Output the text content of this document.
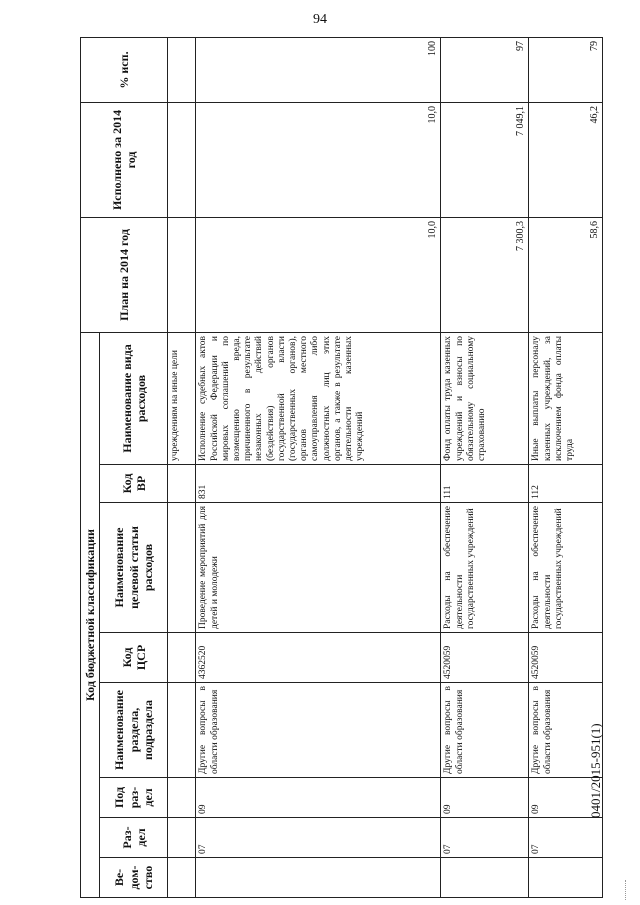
94
Код бюджетной классификации								План на 2014 год	Исполнено за 2014 год	% исп.
Ве-дом-ство	Раз-дел	Под раз-дел	Наименование раздела, подраздела	Код ЦСР	Наименование целевой статьи расходов	Код ВР	Наименование вида расходов			
							учреждениям на иные цели			
	07	09	Другие вопросы в области образования	4362520	Проведение мероприятий для детей и молодежи	831	Исполнение судебных актов Российской Федерации и мировых соглашений по возмещению вреда, причиненного в результате незаконных действий (бездействия) органов государственной власти (государственных органов), органов местного самоуправления либо должностных лиц этих органов, а также в результате деятельности казенных учреждений	10,0	10,0	100
	07	09	Другие вопросы в области образования	4520059	Расходы на обеспечение деятельности государственных учреждений	111	Фонд оплаты труда казенных учреждений и взносы по обязательному социальному страхованию	7 300,3	7 049,1	97
	07	09	Другие вопросы в области образования	4520059	Расходы на обеспечение деятельности государственных учреждений	112	Иные выплаты персоналу казенных учреждений, за исключением фонда оплаты труда	58,6	46,2	79
0401/2015-951(1)
